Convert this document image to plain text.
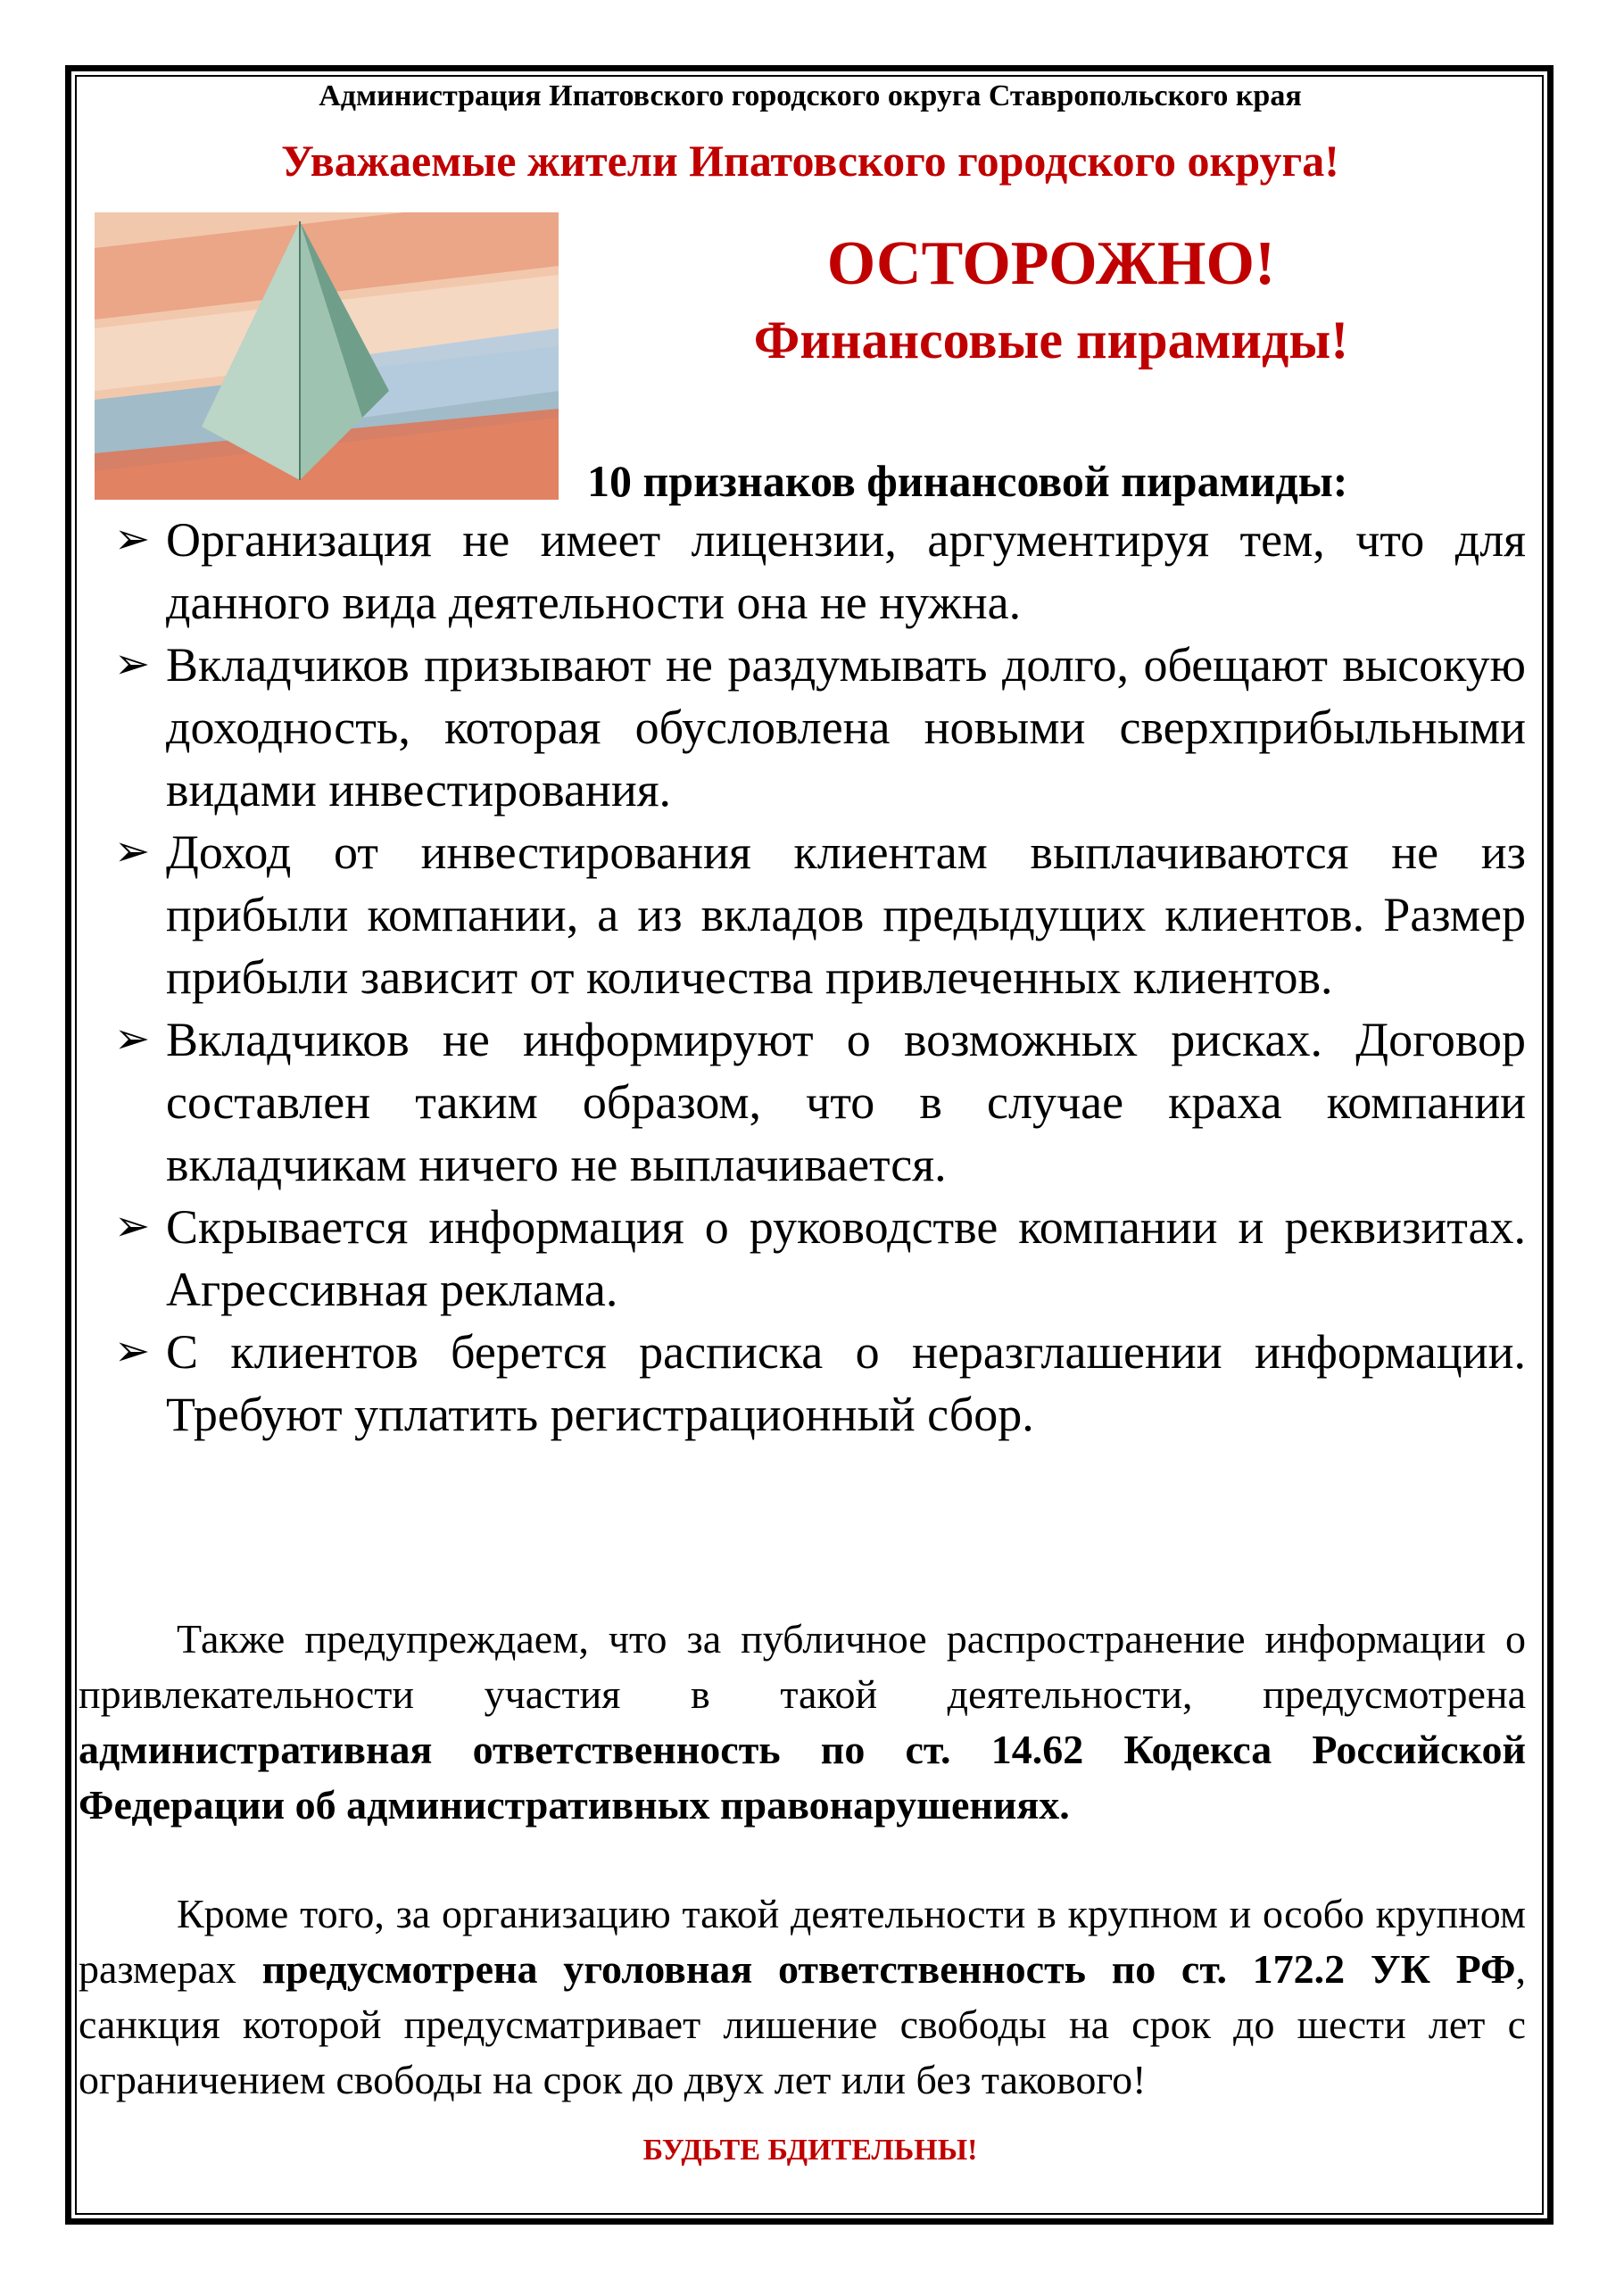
Администрация Ипатовского городского округа Ставропольского края
Уважаемые жители Ипатовского городского округа!
ОСТОРОЖНО!
Финансовые пирамиды!
10 признаков финансовой пирамиды:
➢ Организация не имеет лицензии, аргументируя тем, что для данного вида деятельности она не нужна.
➢ Вкладчиков призывают не раздумывать долго, обещают высокую доходность, которая обусловлена новыми сверхприбыльными видами инвестирования.
➢ Доход от инвестирования клиентам выплачиваются не из прибыли компании, а из вкладов предыдущих клиентов. Размер прибыли зависит от количества привлеченных клиентов.
➢ Вкладчиков не информируют о возможных рисках. Договор составлен таким образом, что в случае краха компании вкладчикам ничего не выплачивается.
➢ Скрывается информация о руководстве компании и реквизитах. Агрессивная реклама.
➢ С клиентов берется расписка о неразглашении информации. Требуют уплатить регистрационный сбор.

Также предупреждаем, что за публичное распространение информации о привлекательности участия в такой деятельности, предусмотрена административная ответственность по ст. 14.62 Кодекса Российской Федерации об административных правонарушениях.

Кроме того, за организацию такой деятельности в крупном и особо крупном размерах предусмотрена уголовная ответственность по ст. 172.2 УК РФ, санкция которой предусматривает лишение свободы на срок до шести лет с ограничением свободы на срок до двух лет или без такового!

БУДЬТЕ БДИТЕЛЬНЫ!
